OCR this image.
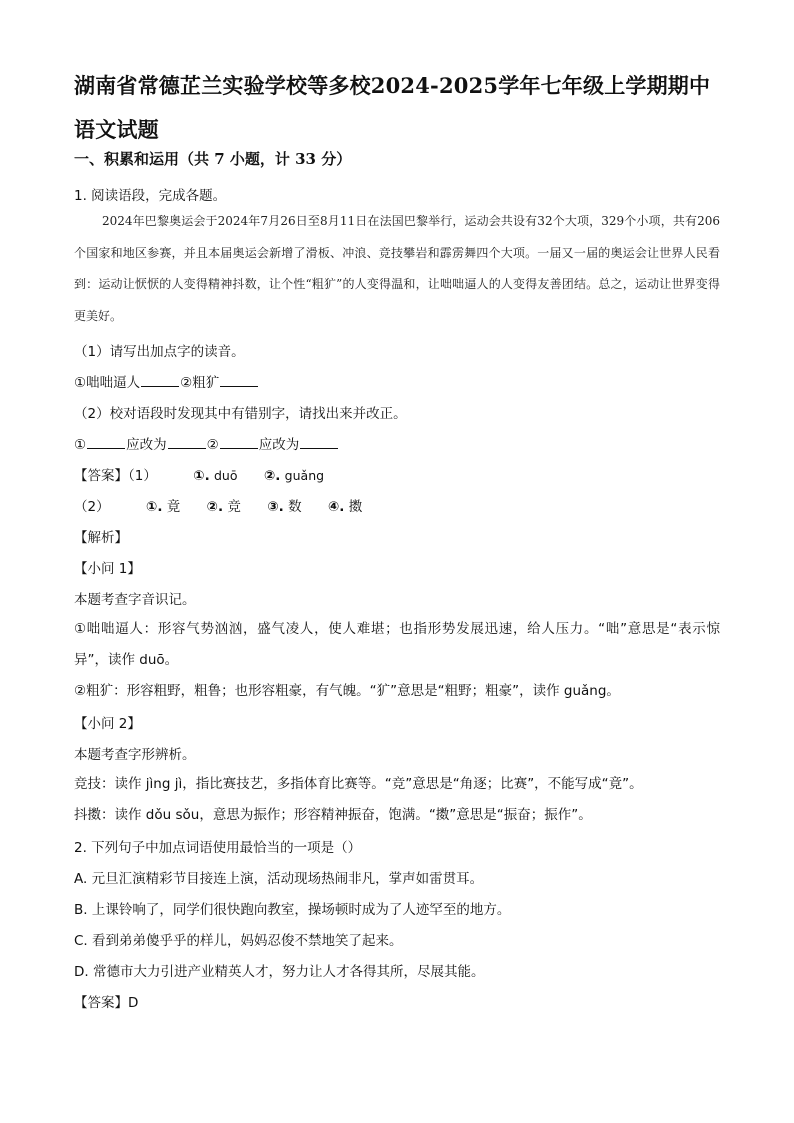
湖南省常德芷兰实验学校等多校2024-2025学年七年级上学期期中语文试题
一、积累和运用（共 7 小题，计 33 分）
1. 阅读语段，完成各题。
2024年巴黎奥运会于2024年7月26日至8月11日在法国巴黎举行，运动会共设有32个大项，329个小项，共有206个国家和地区参赛，并且本届奥运会新增了滑板、冲浪、竞技攀岩和霹雳舞四个大项。一届又一届的奥运会让世界人民看到：运动让恹恹的人变得精神抖数，让个性“粗犷”的人变得温和，让咄咄逼人的人变得友善团结。总之，运动让世界变得更美好。
（1）请写出加点字的读音。
①咄咄逼人	②粗犷
（2）校对语段时发现其中有错别字，请找出来并改正。
①	应改为	②	应改为
【答案】（1）	①. duō ②. guǎng
（2）	①. 竟 ②. 竞 ③. 数 ④. 擞
【解析】
【小问 1】
本题考查字音识记。
①咄咄逼人：形容气势汹汹，盛气凌人，使人难堪；也指形势发展迅速，给人压力。“咄”意思是“表示惊异”，读作 duō。
②粗犷：形容粗野，粗鲁；也形容粗豪，有气魄。“犷”意思是“粗野；粗豪”，读作 guǎng。
【小问 2】
本题考查字形辨析。
竞技：读作 jìng jì，指比赛技艺，多指体育比赛等。“竞”意思是“角逐；比赛”，不能写成“竟”。
抖擞：读作 dǒu sǒu，意思为振作；形容精神振奋，饱满。“擞”意思是“振奋；振作”。
2. 下列句子中加点词语使用最恰当的一项是（）
A. 元旦汇演精彩节目接连上演，活动现场热闹非凡，掌声如雷贯耳。
B. 上课铃响了，同学们很快跑向教室，操场顿时成为了人迹罕至的地方。
C. 看到弟弟傻乎乎的样儿，妈妈忍俊不禁地笑了起来。
D. 常德市大力引进产业精英人才，努力让人才各得其所，尽展其能。
【答案】D
